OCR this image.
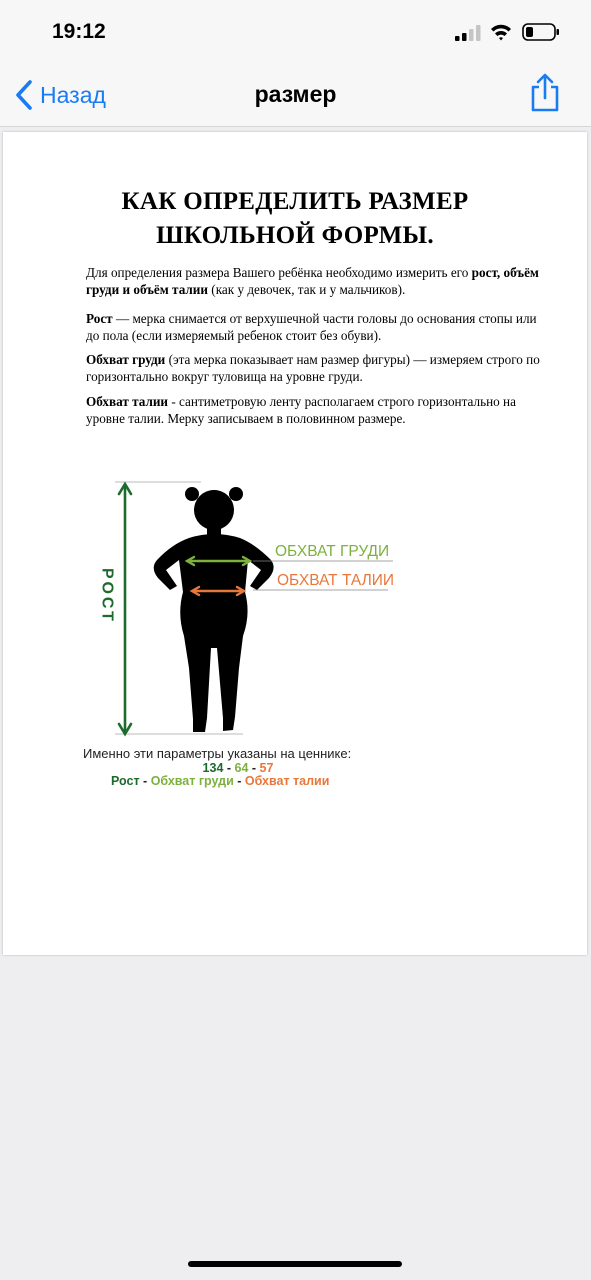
19:12
Назад	размер
КАК ОПРЕДЕЛИТЬ РАЗМЕР
ШКОЛЬНОЙ ФОРМЫ.

Для определения размера Вашего ребёнка необходимо измерить его рост, объём груди и объём талии (как у девочек, так и у мальчиков).

Рост — мерка снимается от верхушечной части головы до основания стопы или до пола (если измеряемый ребенок стоит без обуви).

Обхват груди (эта мерка показывает нам размер фигуры) — измеряем строго по горизонтально вокруг туловища на уровне груди.

Обхват талии - сантиметровую ленту располагаем строго горизонтально на уровне талии. Мерку записываем в половинном размере.

РОСТ
ОБХВАТ ГРУДИ
ОБХВАТ ТАЛИИ
Именно эти параметры указаны на ценнике:
134 - 64 - 57
Рост - Обхват груди - Обхват талии
